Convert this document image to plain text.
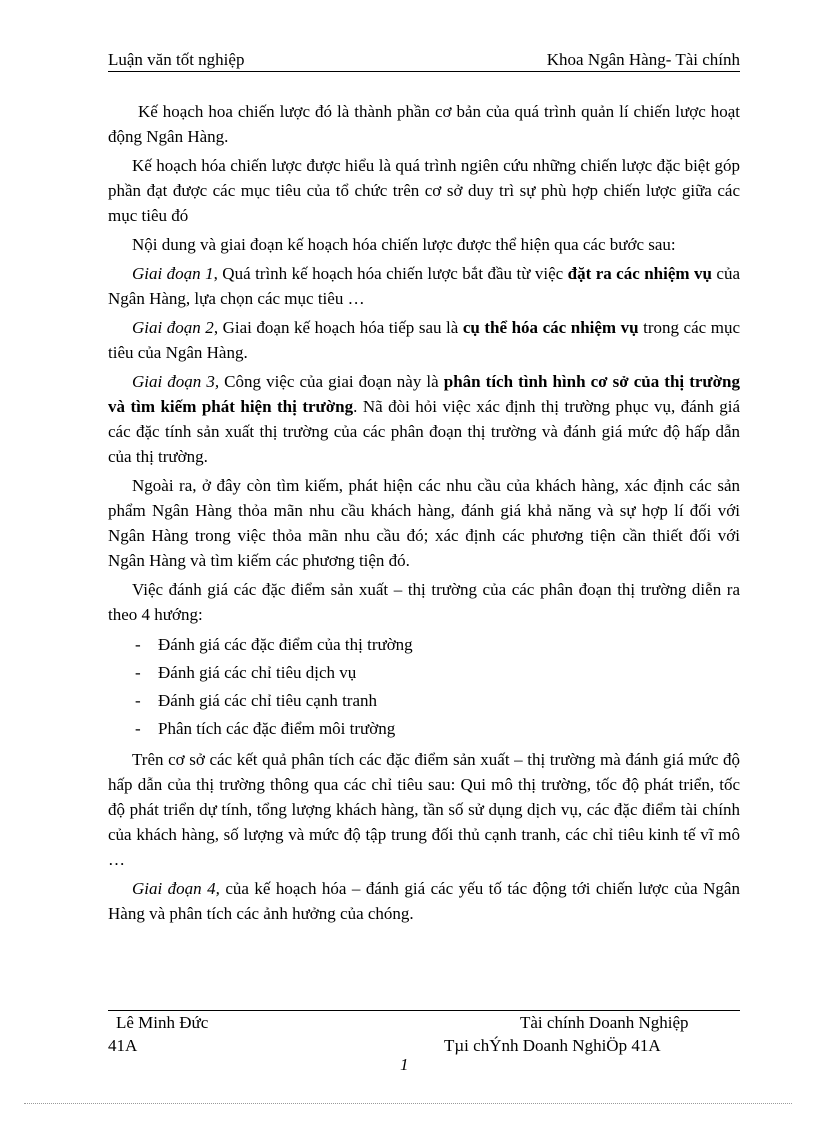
Luận văn tốt nghiệp	Khoa Ngân Hàng- Tài chính

Kế hoạch hoa chiến lược đó là thành phần cơ bản của quá trình quản lí chiến lược hoạt động Ngân Hàng.

Kế hoạch hóa chiến lược được hiểu là quá trình ngiên cứu những chiến lược đặc biệt góp phần đạt được các mục tiêu của tổ chức trên cơ sở duy trì sự phù hợp chiến lược giữa các mục tiêu đó

Nội dung và giai đoạn kế hoạch hóa chiến lược được thể hiện qua các bước sau:

Giai đoạn 1, Quá trình kế hoạch hóa chiến lược bắt đầu từ việc đặt ra các nhiệm vụ của Ngân Hàng, lựa chọn các mục tiêu …

Giai đoạn 2, Giai đoạn kế hoạch hóa tiếp sau là cụ thể hóa các nhiệm vụ trong các mục tiêu của Ngân Hàng.

Giai đoạn 3, Công việc của giai đoạn này là phân tích tình hình cơ sở của thị trường và tìm kiếm phát hiện thị trường. Nã đòi hỏi việc xác định thị trường phục vụ, đánh giá các đặc tính sản xuất thị trường của các phân đoạn thị trường và đánh giá mức độ hấp dẫn của thị trường.

Ngoài ra, ở đây còn tìm kiếm, phát hiện các nhu cầu của khách hàng, xác định các sản phẩm Ngân Hàng thỏa mãn nhu cầu khách hàng, đánh giá khả năng và sự hợp lí đối với Ngân Hàng trong việc thỏa mãn nhu cầu đó; xác định các phương tiện cần thiết đối với Ngân Hàng và tìm kiếm các phương tiện đó.

Việc đánh giá các đặc điểm sản xuất – thị trường của các phân đoạn thị trường diễn ra theo 4 hướng:

- Đánh giá các đặc điểm của thị trường
- Đánh giá các chỉ tiêu dịch vụ
- Đánh giá các chỉ tiêu cạnh tranh
- Phân tích các đặc điểm môi trường

Trên cơ sở các kết quả phân tích các đặc điểm sản xuất – thị trường mà đánh giá mức độ hấp dẫn của thị trường thông qua các chỉ tiêu sau: Qui mô thị trường, tốc độ phát triển, tốc độ phát triển dự tính, tổng lượng khách hàng, tần số sử dụng dịch vụ, các đặc điểm tài chính của khách hàng, số lượng và mức độ tập trung đối thủ cạnh tranh, các chỉ tiêu kinh tế vĩ mô …

Giai đoạn 4, của kế hoạch hóa – đánh giá các yếu tố tác động tới chiến lược của Ngân Hàng và phân tích các ảnh hưởng của chóng.

Lê Minh Đức	Tài chính Doanh Nghiệp
41A	Tµi chÝnh Doanh NghiÖp 41A
1
